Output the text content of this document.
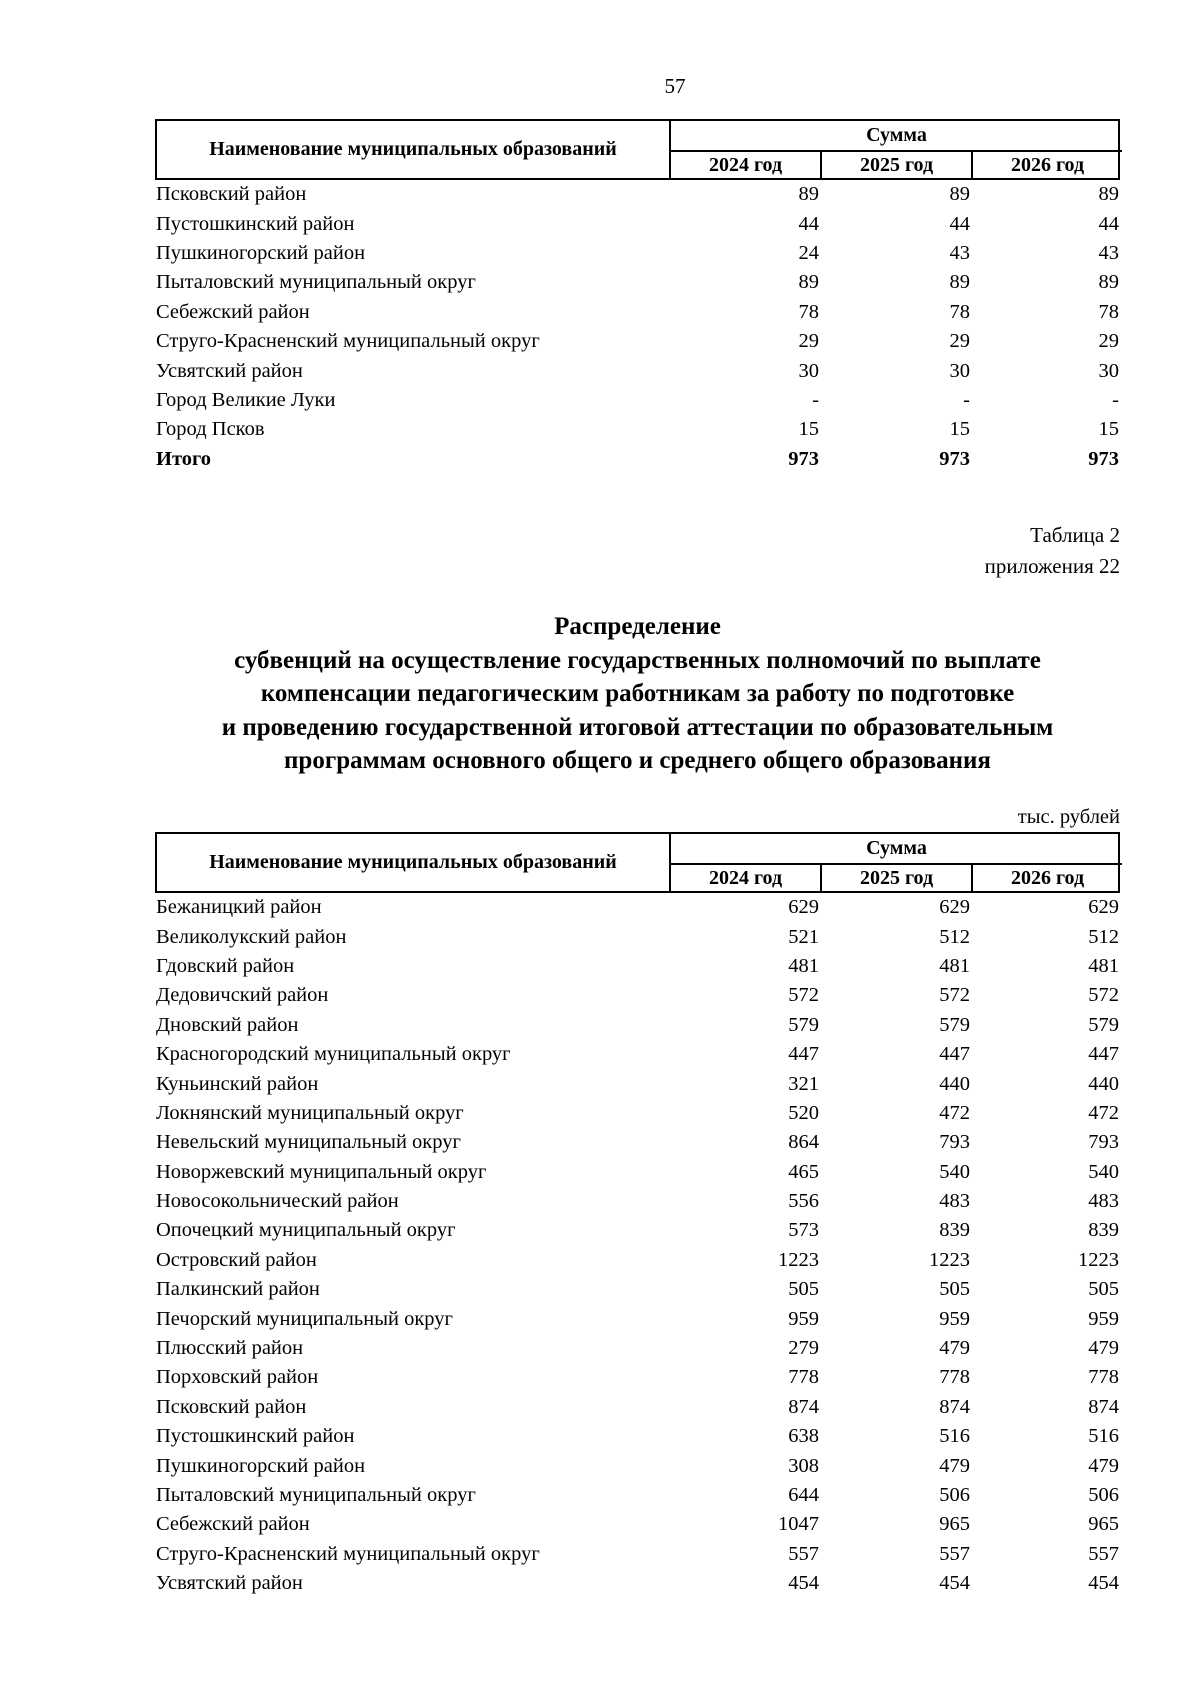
57
Наименование муниципальных образований
Сумма
2024 год	2025 год	2026 год
Псковский район	89	89	89
Пустошкинский район	44	44	44
Пушкиногорский район	24	43	43
Пыталовский муниципальный округ	89	89	89
Себежский район	78	78	78
Струго-Красненский муниципальный округ	29	29	29
Усвятский район	30	30	30
Город Великие Луки	-	-	-
Город Псков	15	15	15
Итого	973	973	973
Таблица 2
приложения 22
Распределение
субвенций на осуществление государственных полномочий по выплате
компенсации педагогическим работникам за работу по подготовке
и проведению государственной итоговой аттестации по образовательным
программам основного общего и среднего общего образования
тыс. рублей
Наименование муниципальных образований
Сумма
2024 год	2025 год	2026 год
Бежаницкий район	629	629	629
Великолукский район	521	512	512
Гдовский район	481	481	481
Дедовичский район	572	572	572
Дновский район	579	579	579
Красногородский муниципальный округ	447	447	447
Куньинский район	321	440	440
Локнянский муниципальный округ	520	472	472
Невельский муниципальный округ	864	793	793
Новоржевский муниципальный округ	465	540	540
Новосокольнический район	556	483	483
Опочецкий муниципальный округ	573	839	839
Островский район	1223	1223	1223
Палкинский район	505	505	505
Печорский муниципальный округ	959	959	959
Плюсский район	279	479	479
Порховский район	778	778	778
Псковский район	874	874	874
Пустошкинский район	638	516	516
Пушкиногорский район	308	479	479
Пыталовский муниципальный округ	644	506	506
Себежский район	1047	965	965
Струго-Красненский муниципальный округ	557	557	557
Усвятский район	454	454	454
